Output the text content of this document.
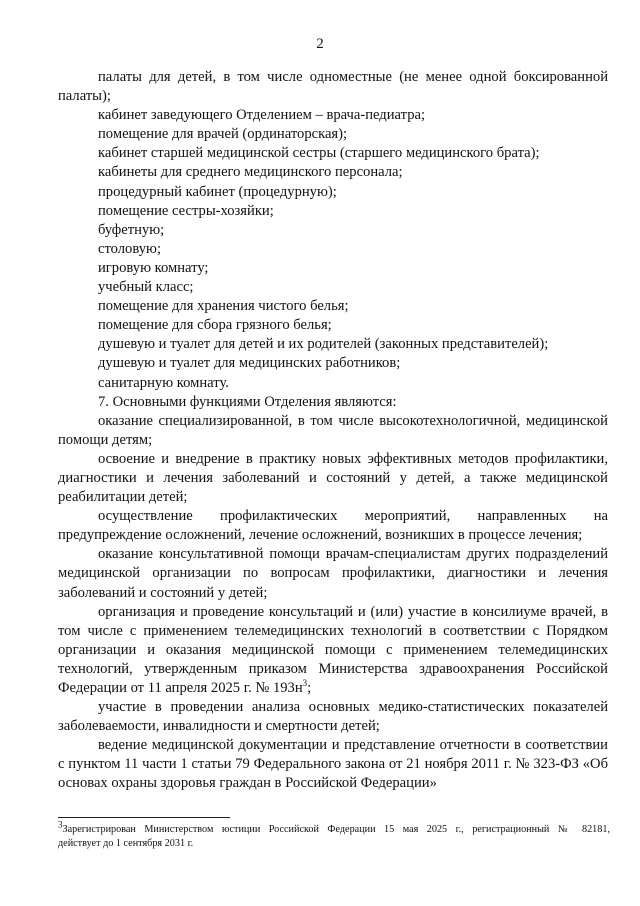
2

палаты для детей, в том числе одноместные (не менее одной боксированной палаты);

кабинет заведующего Отделением – врача-педиатра;

помещение для врачей (ординаторская);

кабинет старшей медицинской сестры (старшего медицинского брата);

кабинеты для среднего медицинского персонала;

процедурный кабинет (процедурную);

помещение сестры-хозяйки;

буфетную;

столовую;

игровую комнату;

учебный класс;

помещение для хранения чистого белья;

помещение для сбора грязного белья;

душевую и туалет для детей и их родителей (законных представителей);

душевую и туалет для медицинских работников;

санитарную комнату.

7. Основными функциями Отделения являются:

оказание специализированной, в том числе высокотехнологичной, медицинской помощи детям;

освоение и внедрение в практику новых эффективных методов профилактики, диагностики и лечения заболеваний и состояний у детей, а также медицинской реабилитации детей;

осуществление профилактических мероприятий, направленных на предупреждение осложнений, лечение осложнений, возникших в процессе лечения;

оказание консультативной помощи врачам-специалистам других подразделений медицинской организации по вопросам профилактики, диагностики и лечения заболеваний и состояний у детей;

организация и проведение консультаций и (или) участие в консилиуме врачей, в том числе с применением телемедицинских технологий в соответствии с Порядком организации и оказания медицинской помощи с применением телемедицинских технологий, утвержденным приказом Министерства здравоохранения Российской Федерации от 11 апреля 2025 г. № $193н^3$;

участие в проведении анализа основных медико-статистических показателей заболеваемости, инвалидности и смертности детей;

ведение медицинской документации и представление отчетности в соответствии с пунктом 11 части 1 статьи 79 Федерального закона от 21 ноября 2011 г. № 323-ФЗ «Об основах охраны здоровья граждан в Российской Федерации»

$^3$Зарегистрирован Министерством юстиции Российской Федерации 15 мая 2025 г., регистрационный № 82181,
действует до 1 сентября 2031 г.
